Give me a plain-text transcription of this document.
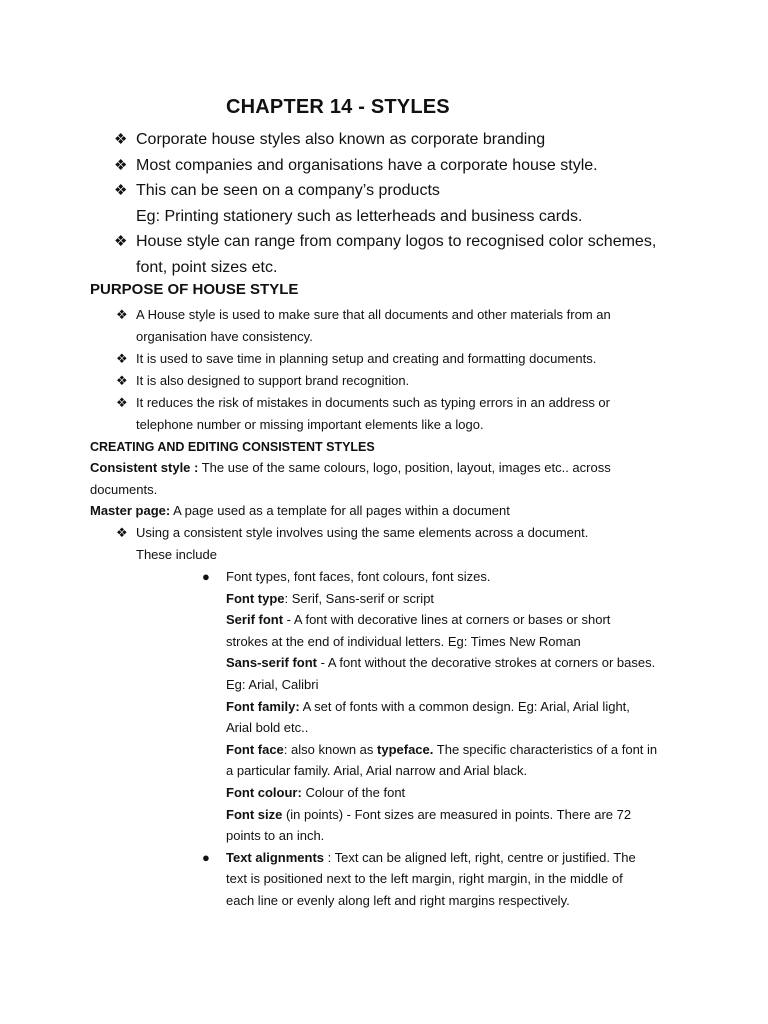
CHAPTER 14 - STYLES
❖ Corporate house styles also known as corporate branding
❖ Most companies and organisations have a corporate house style.
❖ This can be seen on a company’s products
Eg: Printing stationery such as letterheads and business cards.
❖ House style can range from company logos to recognised color schemes,
font, point sizes etc.
PURPOSE OF HOUSE STYLE
❖ A House style is used to make sure that all documents and other materials from an
organisation have consistency.
❖ It is used to save time in planning setup and creating and formatting documents.
❖ It is also designed to support brand recognition.
❖ It reduces the risk of mistakes in documents such as typing errors in an address or
telephone number or missing important elements like a logo.
CREATING AND EDITING CONSISTENT STYLES
Consistent style : The use of the same colours, logo, position, layout, images etc.. across
documents.
Master page: A page used as a template for all pages within a document
❖ Using a consistent style involves using the same elements across a document.
These include
● Font types, font faces, font colours, font sizes.
Font type: Serif, Sans-serif or script
Serif font - A font with decorative lines at corners or bases or short
strokes at the end of individual letters. Eg: Times New Roman
Sans-serif font - A font without the decorative strokes at corners or bases.
Eg: Arial, Calibri
Font family: A set of fonts with a common design. Eg: Arial, Arial light,
Arial bold etc..
Font face: also known as typeface. The specific characteristics of a font in
a particular family. Arial, Arial narrow and Arial black.
Font colour: Colour of the font
Font size (in points) - Font sizes are measured in points. There are 72
points to an inch.
● Text alignments : Text can be aligned left, right, centre or justified. The
text is positioned next to the left margin, right margin, in the middle of
each line or evenly along left and right margins respectively.
